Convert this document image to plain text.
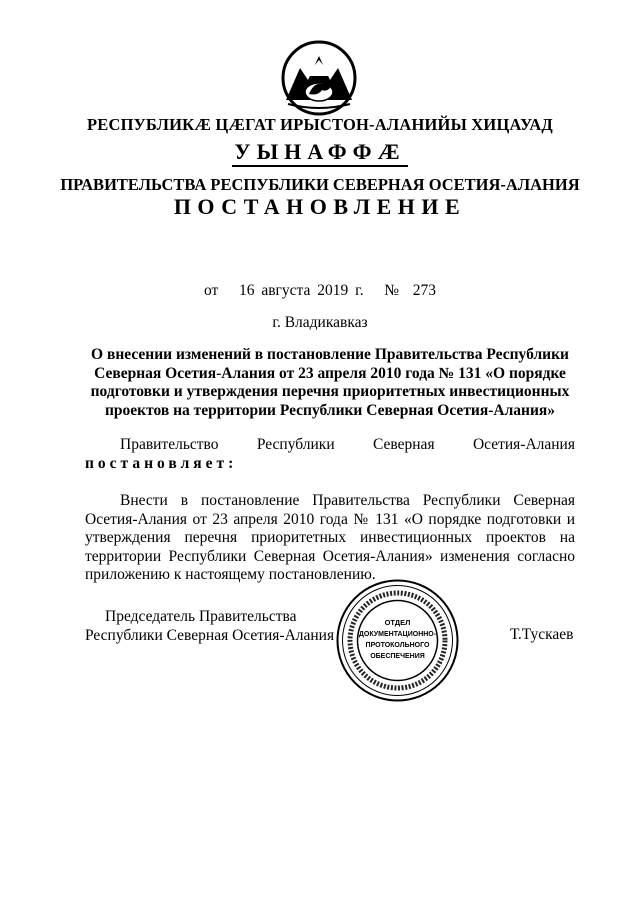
РЕСПУБЛИКÆ ЦÆГАТ ИРЫСТОН-АЛАНИЙЫ ХИЦАУАД
УЫНАФФÆ
ПРАВИТЕЛЬСТВА РЕСПУБЛИКИ СЕВЕРНАЯ ОСЕТИЯ-АЛАНИЯ
ПОСТАНОВЛЕНИЕ
от 16 августа 2019 г. № 273
г. Владикавказ
О внесении изменений в постановление Правительства Республики
Северная Осетия-Алания от 23 апреля 2010 года № 131 «О порядке
подготовки и утверждения перечня приоритетных инвестиционных
проектов на территории Республики Северная Осетия-Алания»
Правительство Республики Северная Осетия-Алания
постановляет:
Внести в постановление Правительства Республики Северная Осетия-Алания от 23 апреля 2010 года № 131 «О порядке подготовки и утверждения перечня приоритетных инвестиционных проектов на территории Республики Северная Осетия-Алания» изменения согласно приложению к настоящему постановлению.
Председатель Правительства
Республики Северная Осетия-Алания
ОТДЕЛ
ДОКУМЕНТАЦИОННО-
ПРОТОКОЛЬНОГО
ОБЕСПЕЧЕНИЯ
Т.Тускаев
